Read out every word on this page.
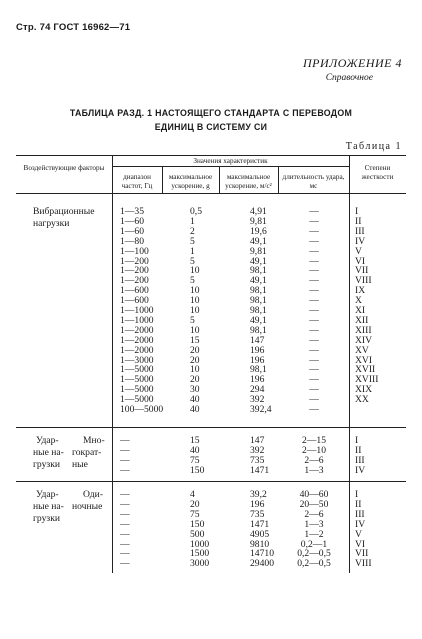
Стр. 74 ГОСТ 16962—71
ПРИЛОЖЕНИЕ 4
Справочное
ТАБЛИЦА РАЗД. 1 НАСТОЯЩЕГО СТАНДАРТА С ПЕРЕВОДОМ
ЕДИНИЦ В СИСТЕМУ СИ
Таблица 1
Воздействующие факторы
Значения характеристик
диапазон частот, Гц
максимальное ускорение, g
максимальное ускорение, м/с²
длительность удара, мс
Степени жесткости
Вибрационные нагрузки
Удар-
ные на-
грузки
Мно-
гократ-
ные
Удар-
ные на-
грузки
Оди-
ночные
1—35
1—60
1—60
1—80
1—100
1—200
1—200
1—200
1—600
1—600
1—1000
1—1000
1—2000
1—2000
1—2000
1—3000
1—5000
1—5000
1—5000
1—5000
100—5000
0,5
1
2
5
1
5
10
5
10
10
10
5
10
15
20
20
10
20
30
40
40
4,91
9,81
19,6
49,1
9,81
49,1
98,1
49,1
98,1
98,1
98,1
49,1
98,1
147
196
196
98,1
196
294
392
392,4
—
—
—
—
—
—
—
—
—
—
—
—
—
—
—
—
—
—
—
—
—
I
II
III
IV
V
VI
VII
VIII
IX
X
XI
XII
XIII
XIV
XV
XVI
XVII
XVIII
XIX
XX
—
—
—
—
15
40
75
150
147
392
735
1471
2—15
2—10
2—6
1—3
I
II
III
IV
—
—
—
—
—
—
—
—
4
20
75
150
500
1000
1500
3000
39,2
196
735
1471
4905
9810
14710
29400
40—60
20—50
2—6
1—3
1—2
0,2—1
0,2—0,5
0,2—0,5
I
II
III
IV
V
VI
VII
VIII
